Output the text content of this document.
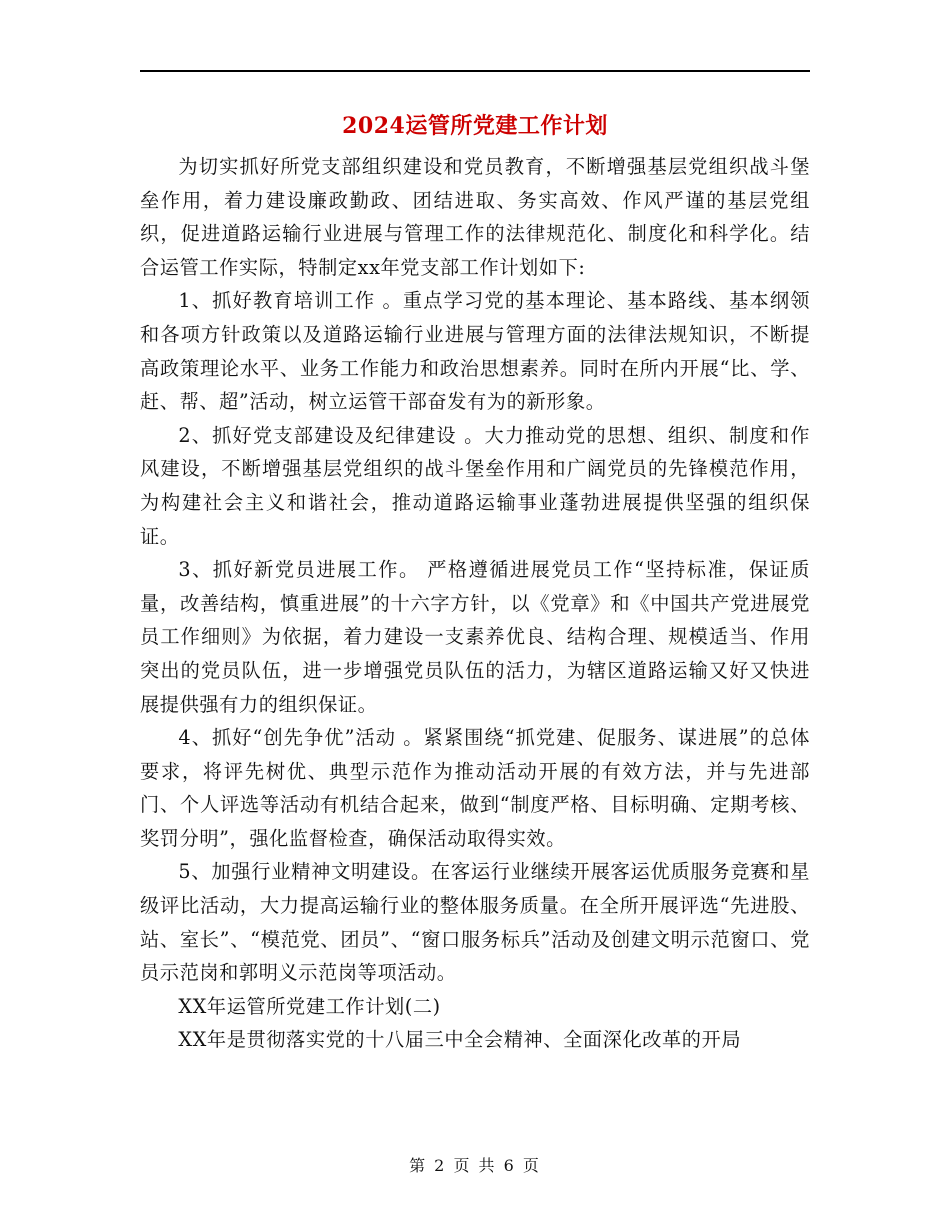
2024运管所党建工作计划

为切实抓好所党支部组织建设和党员教育，不断增强基层党组织战斗堡垒作用，着力建设廉政勤政、团结进取、务实高效、作风严谨的基层党组织，促进道路运输行业进展与管理工作的法律规范化、制度化和科学化。结合运管工作实际，特制定xx年党支部工作计划如下:

1、抓好教育培训工作 。重点学习党的基本理论、基本路线、基本纲领和各项方针政策以及道路运输行业进展与管理方面的法律法规知识，不断提高政策理论水平、业务工作能力和政治思想素养。同时在所内开展“比、学、赶、帮、超”活动，树立运管干部奋发有为的新形象。

2、抓好党支部建设及纪律建设 。大力推动党的思想、组织、制度和作风建设，不断增强基层党组织的战斗堡垒作用和广阔党员的先锋模范作用，为构建社会主义和谐社会，推动道路运输事业蓬勃进展提供坚强的组织保证。

3、抓好新党员进展工作。 严格遵循进展党员工作“坚持标准，保证质量，改善结构，慎重进展”的十六字方针，以《党章》和《中国共产党进展党员工作细则》为依据，着力建设一支素养优良、结构合理、规模适当、作用突出的党员队伍，进一步增强党员队伍的活力，为辖区道路运输又好又快进展提供强有力的组织保证。

4、抓好“创先争优”活动 。紧紧围绕“抓党建、促服务、谋进展”的总体要求，将评先树优、典型示范作为推动活动开展的有效方法，并与先进部门、个人评选等活动有机结合起来，做到“制度严格、目标明确、定期考核、奖罚分明”，强化监督检查，确保活动取得实效。

5、加强行业精神文明建设。在客运行业继续开展客运优质服务竞赛和星级评比活动，大力提高运输行业的整体服务质量。在全所开展评选“先进股、站、室长”、“模范党、团员”、“窗口服务标兵”活动及创建文明示范窗口、党员示范岗和郭明义示范岗等项活动。

XX年运管所党建工作计划(二)

XX年是贯彻落实党的十八届三中全会精神、全面深化改革的开局

第 2 页 共 6 页
